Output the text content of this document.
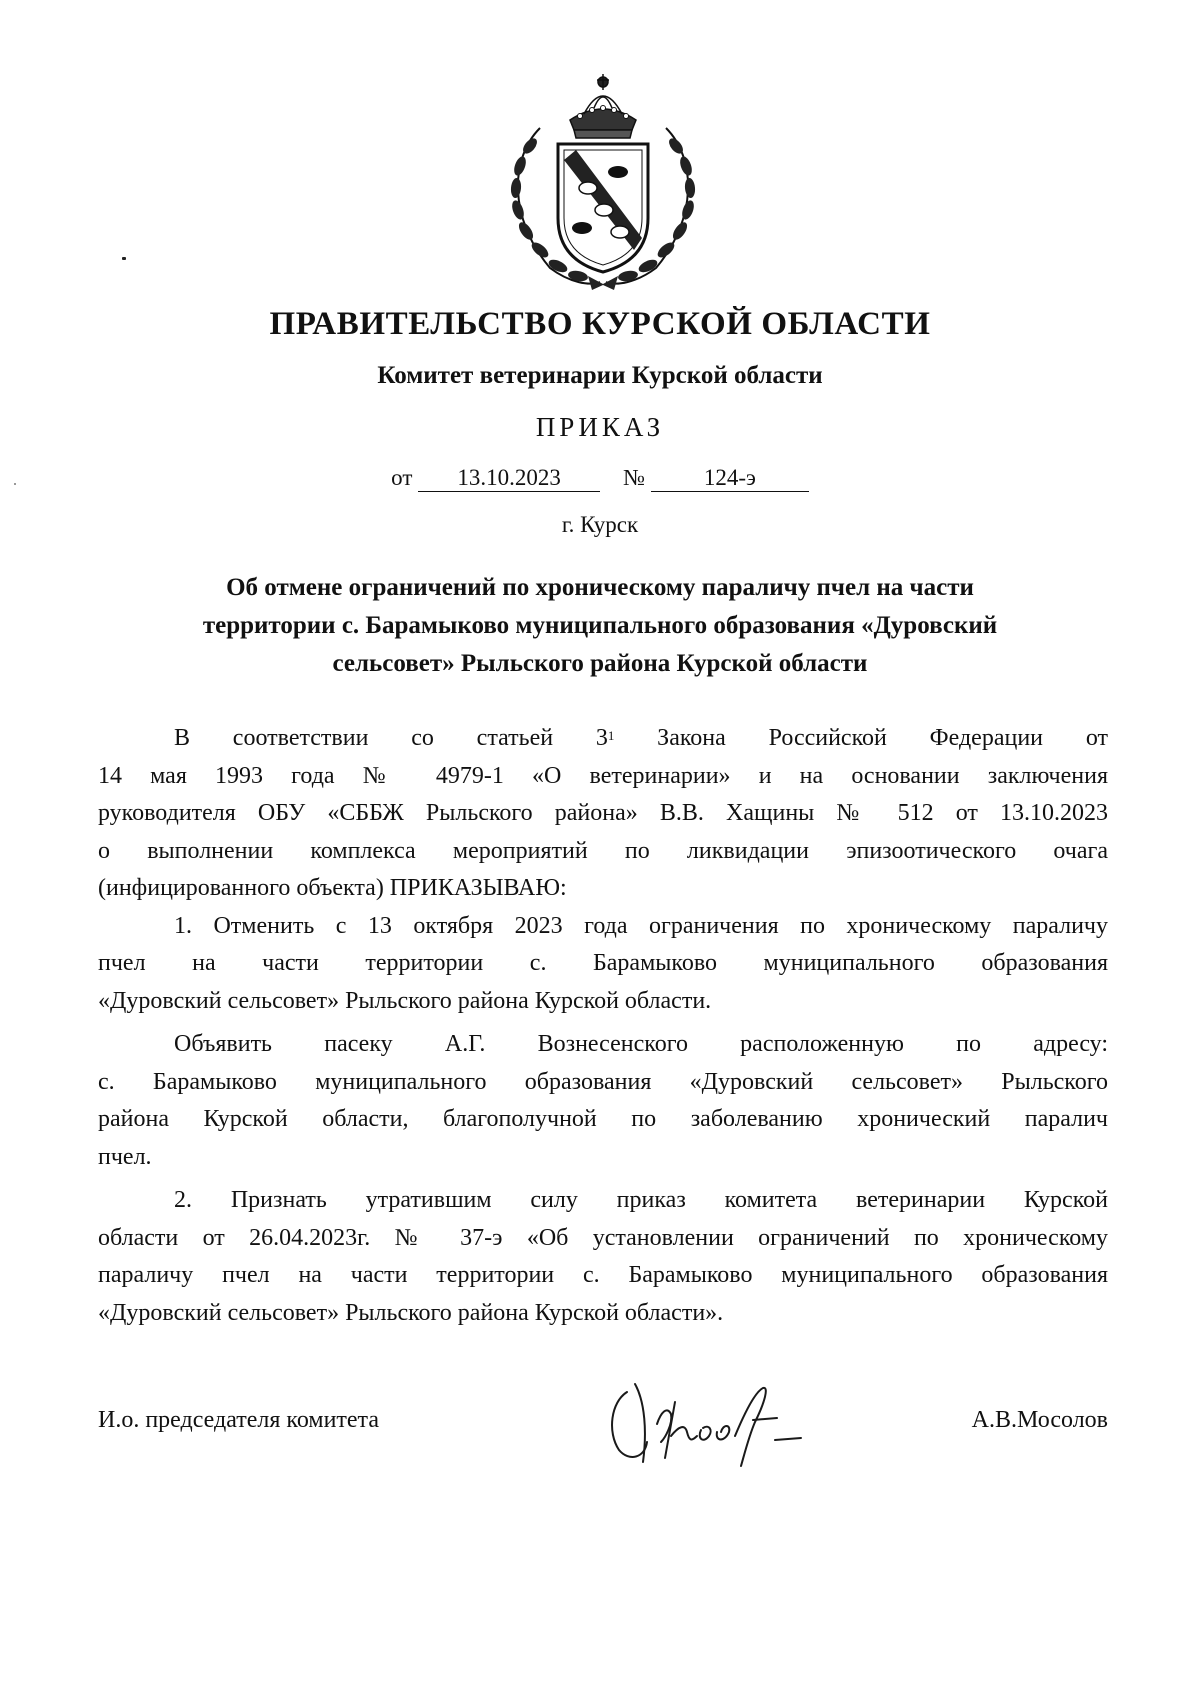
ПРАВИТЕЛЬСТВО КУРСКОЙ ОБЛАСТИ
Комитет ветеринарии Курской области
ПРИКАЗ
от 13.10.2023	№	124-э
г. Курск
Об отмене ограничений по хроническому параличу пчел на части
территории с. Барамыково муниципального образования «Дуровский
сельсовет» Рыльского района Курской области
В соответствии со статьей $3^1$ Закона Российской Федерации от
14 мая 1993 года № 4979-1 «О ветеринарии» и на основании заключения
руководителя ОБУ «СББЖ Рыльского района» В.В. Хащины № 512 от 13.10.2023
о выполнении комплекса мероприятий по ликвидации эпизоотического очага
(инфицированного объекта) ПРИКАЗЫВАЮ:
1. Отменить с 13 октября 2023 года ограничения по хроническому параличу
пчел на части территории с. Барамыково муниципального образования
«Дуровский сельсовет» Рыльского района Курской области.
Объявить пасеку А.Г. Вознесенского расположенную по адресу:
с. Барамыково муниципального образования «Дуровский сельсовет» Рыльского
района Курской области, благополучной по заболеванию хронический паралич
пчел.
2. Признать утратившим силу приказ комитета ветеринарии Курской
области от 26.04.2023г. № 37-э «Об установлении ограничений по хроническому
параличу пчел на части территории с. Барамыково муниципального образования
«Дуровский сельсовет» Рыльского района Курской области».
И.о. председателя комитета	А.В.Мосолов
